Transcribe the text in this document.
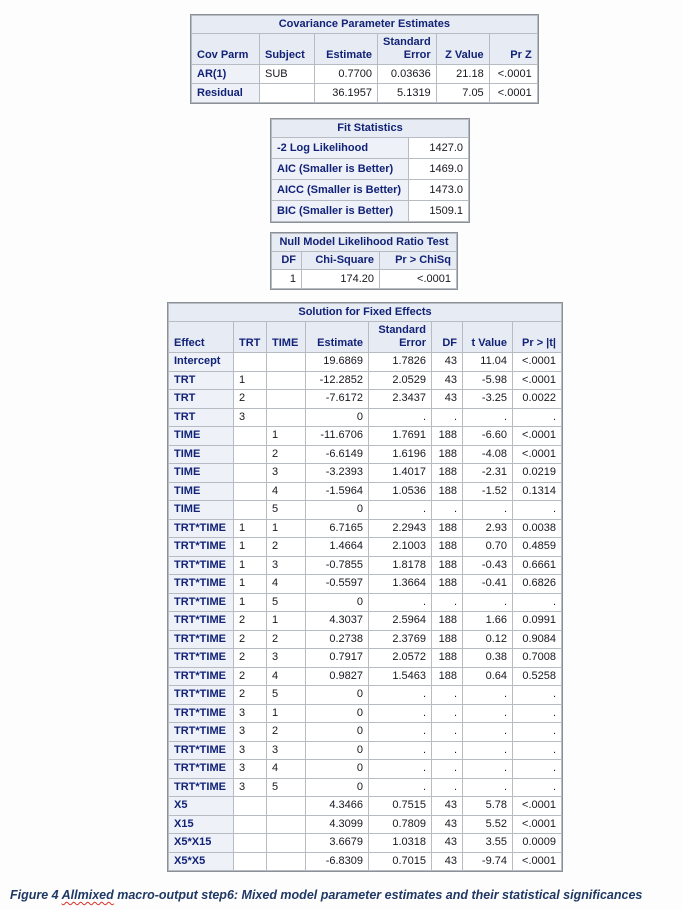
Covariance Parameter Estimates					
Cov Parm	Subject	Estimate	Standard Error	Z Value	Pr Z
AR(1)	SUB	0.7700	0.03636	21.18	<.0001
Residual		36.1957	5.1319	7.05	<.0001
Fit Statistics	
-2 Log Likelihood	1427.0
AIC (Smaller is Better)	1469.0
AICC (Smaller is Better)	1473.0
BIC (Smaller is Better)	1509.1
Null Model Likelihood Ratio Test		
DF	Chi-Square	Pr > ChiSq
1	174.20	<.0001
Solution for Fixed Effects							
Effect	TRT	TIME	Estimate	Standard Error	DF	t Value	Pr > |t|
Intercept			19.6869	1.7826	43	11.04	<.0001
TRT	1		-12.2852	2.0529	43	-5.98	<.0001
TRT	2		-7.6172	2.3437	43	-3.25	0.0022
TRT	3		0	.	.	.	.
TIME		1	-11.6706	1.7691	188	-6.60	<.0001
TIME		2	-6.6149	1.6196	188	-4.08	<.0001
TIME		3	-3.2393	1.4017	188	-2.31	0.0219
TIME		4	-1.5964	1.0536	188	-1.52	0.1314
TIME		5	0	.	.	.	.
TRT*TIME	1	1	6.7165	2.2943	188	2.93	0.0038
TRT*TIME	1	2	1.4664	2.1003	188	0.70	0.4859
TRT*TIME	1	3	-0.7855	1.8178	188	-0.43	0.6661
TRT*TIME	1	4	-0.5597	1.3664	188	-0.41	0.6826
TRT*TIME	1	5	0	.	.	.	.
TRT*TIME	2	1	4.3037	2.5964	188	1.66	0.0991
TRT*TIME	2	2	0.2738	2.3769	188	0.12	0.9084
TRT*TIME	2	3	0.7917	2.0572	188	0.38	0.7008
TRT*TIME	2	4	0.9827	1.5463	188	0.64	0.5258
TRT*TIME	2	5	0	.	.	.	.
TRT*TIME	3	1	0	.	.	.	.
TRT*TIME	3	2	0	.	.	.	.
TRT*TIME	3	3	0	.	.	.	.
TRT*TIME	3	4	0	.	.	.	.
TRT*TIME	3	5	0	.	.	.	.
X5			4.3466	0.7515	43	5.78	<.0001
X15			4.3099	0.7809	43	5.52	<.0001
X5*X15			3.6679	1.0318	43	3.55	0.0009
X5*X5			-6.8309	0.7015	43	-9.74	<.0001
Figure 4 Allmixed macro-output step6: Mixed model parameter estimates and their statistical significances
